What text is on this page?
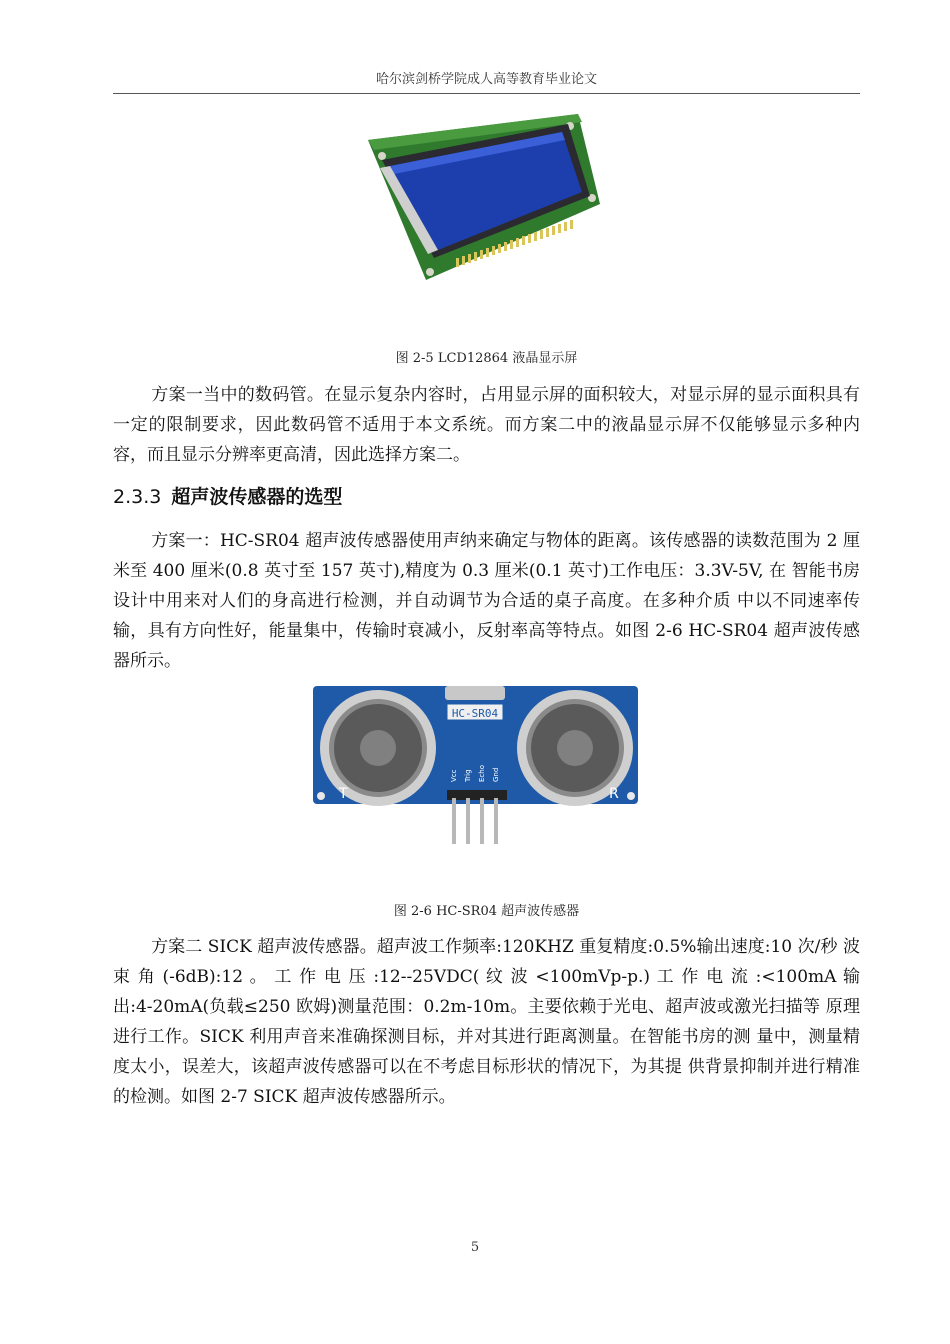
哈尔滨剑桥学院成人高等教育毕业论文
图 2-5 LCD12864 液晶显示屏

方案一当中的数码管。在显示复杂内容时，占用显示屏的面积较大，对显示屏的显示面积具有一定的限制要求，因此数码管不适用于本文系统。而方案二中的液晶显示屏不仅能够显示多种内容，而且显示分辨率更高清，因此选择方案二。

2.3.3 超声波传感器的选型

方案一：HC-SR04 超声波传感器使用声纳来确定与物体的距离。该传感器的读数范围为 2 厘米至 400 厘米(0.8 英寸至 157 英寸),精度为 0.3 厘米(0.1 英寸)工作电压：3.3V-5V, 在 智能书房设计中用来对人们的身高进行检测，并自动调节为合适的桌子高度。在多种介质 中以不同速率传输，具有方向性好，能量集中，传输时衰减小，反射率高等特点。如图 2-6 HC-SR04 超声波传感器所示。

HC-SR04
T	R
Vcc Trig Echo Gnd
图 2-6 HC-SR04 超声波传感器

方案二 SICK 超声波传感器。超声波工作频率:120KHZ 重复精度:0.5%输出速度:10 次/秒 波 束 角 (-6dB):12 。 工 作 电 压 :12--25VDC( 纹 波 <100mVp-p.) 工 作 电 流 :<100mA 输 出:4-20mA(负载≤250 欧姆)测量范围：0.2m-10m。主要依赖于光电、超声波或激光扫描等 原理进行工作。SICK 利用声音来准确探测目标，并对其进行距离测量。在智能书房的测 量中，测量精度太小，误差大，该超声波传感器可以在不考虑目标形状的情况下，为其提 供背景抑制并进行精准的检测。如图 2-7 SICK 超声波传感器所示。

5
